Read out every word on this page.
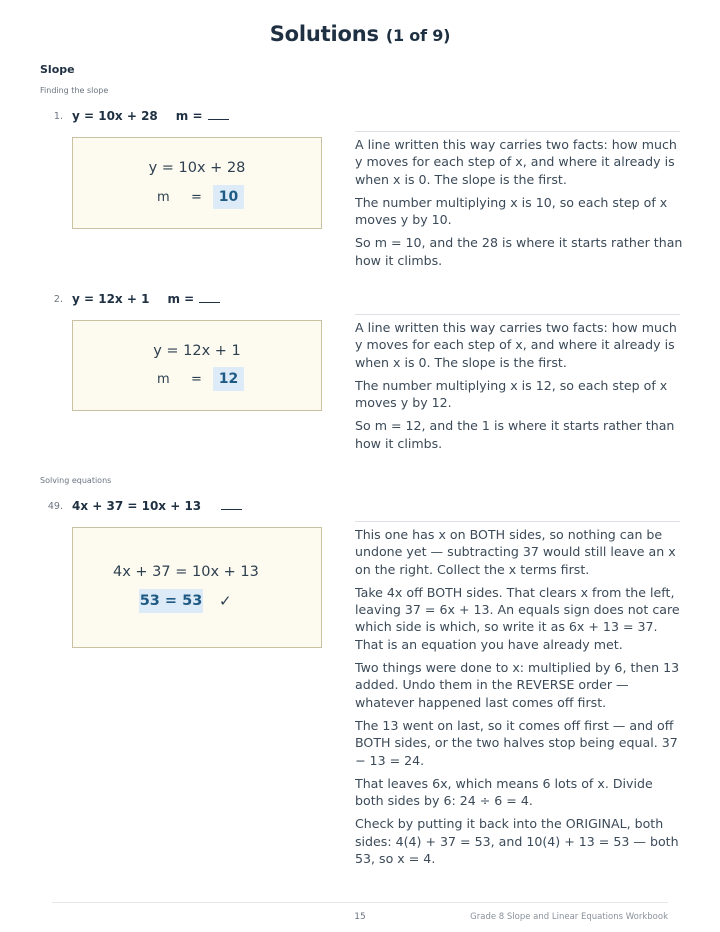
Solutions (1 of 9)
Slope
Finding the slope
1. y = 10x + 28 m =
y = 10x + 28
m =	10

A line written this way carries two facts: how much y moves for each step of x, and where it already is when x is 0. The slope is the first.

The number multiplying x is 10, so each step of x moves y by 10.

So m = 10, and the 28 is where it starts rather than how it climbs.

2. y = 12x + 1 m =
y = 12x + 1
m =	12

A line written this way carries two facts: how much y moves for each step of x, and where it already is when x is 0. The slope is the first.

The number multiplying x is 12, so each step of x moves y by 12.

So m = 12, and the 1 is where it starts rather than how it climbs.

Solving equations
49. 4x + 37 = 10x + 13
4x + 37 = 10x + 13
53 = 53 ✓

This one has x on BOTH sides, so nothing can be undone yet — subtracting 37 would still leave an x on the right. Collect the x terms first.

Take 4x off BOTH sides. That clears x from the left, leaving 37 = 6x + 13. An equals sign does not care which side is which, so write it as 6x + 13 = 37. That is an equation you have already met.

Two things were done to x: multiplied by 6, then 13 added. Undo them in the REVERSE order — whatever happened last comes off first.

The 13 went on last, so it comes off first — and off BOTH sides, or the two halves stop being equal. 37 − 13 = 24.

That leaves 6x, which means 6 lots of x. Divide both sides by 6: 24 ÷ 6 = 4.

Check by putting it back into the ORIGINAL, both sides: 4(4) + 37 = 53, and 10(4) + 13 = 53 — both 53, so x = 4.

15	Grade 8 Slope and Linear Equations Workbook
